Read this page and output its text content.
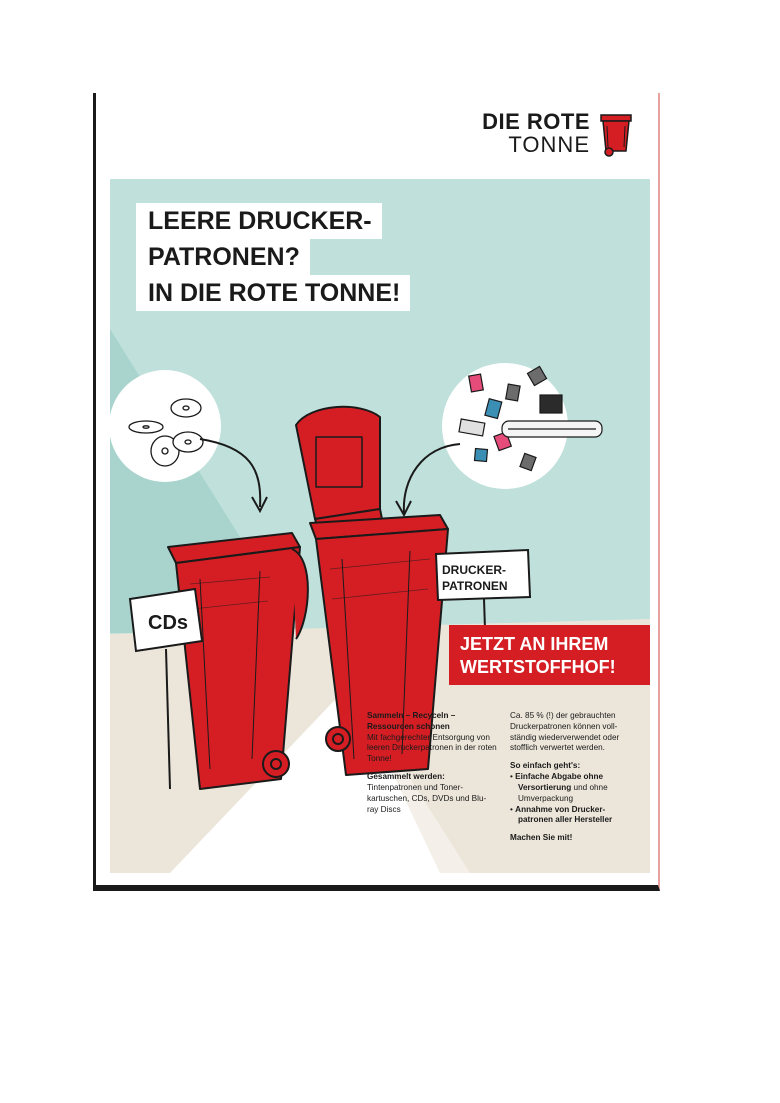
DIE ROTE
TONNE
CDs
DRUCKER-
PATRONEN
LEERE DRUCKER-
PATRONEN?
IN DIE ROTE TONNE!
JETZT AN IHREM
WERTSTOFFHOF!

Sammeln – Recyceln –
Ressourcen schonen
Mit fachgerechter Entsorgung von leeren Druckerpatronen in der roten Tonne!

Gesammelt werden:
Tintenpatronen und Toner-kartuschen, CDs, DVDs und Blu-ray Discs

Ca. 85 % (!) der gebrauchten Druckerpatronen können voll-ständig wiederverwendet oder stofflich verwertet werden.

So einfach geht's:

• Einfache Abgabe ohne Versortierung und ohne Umverpackung
• Annahme von Drucker-patronen aller Hersteller

Machen Sie mit!
